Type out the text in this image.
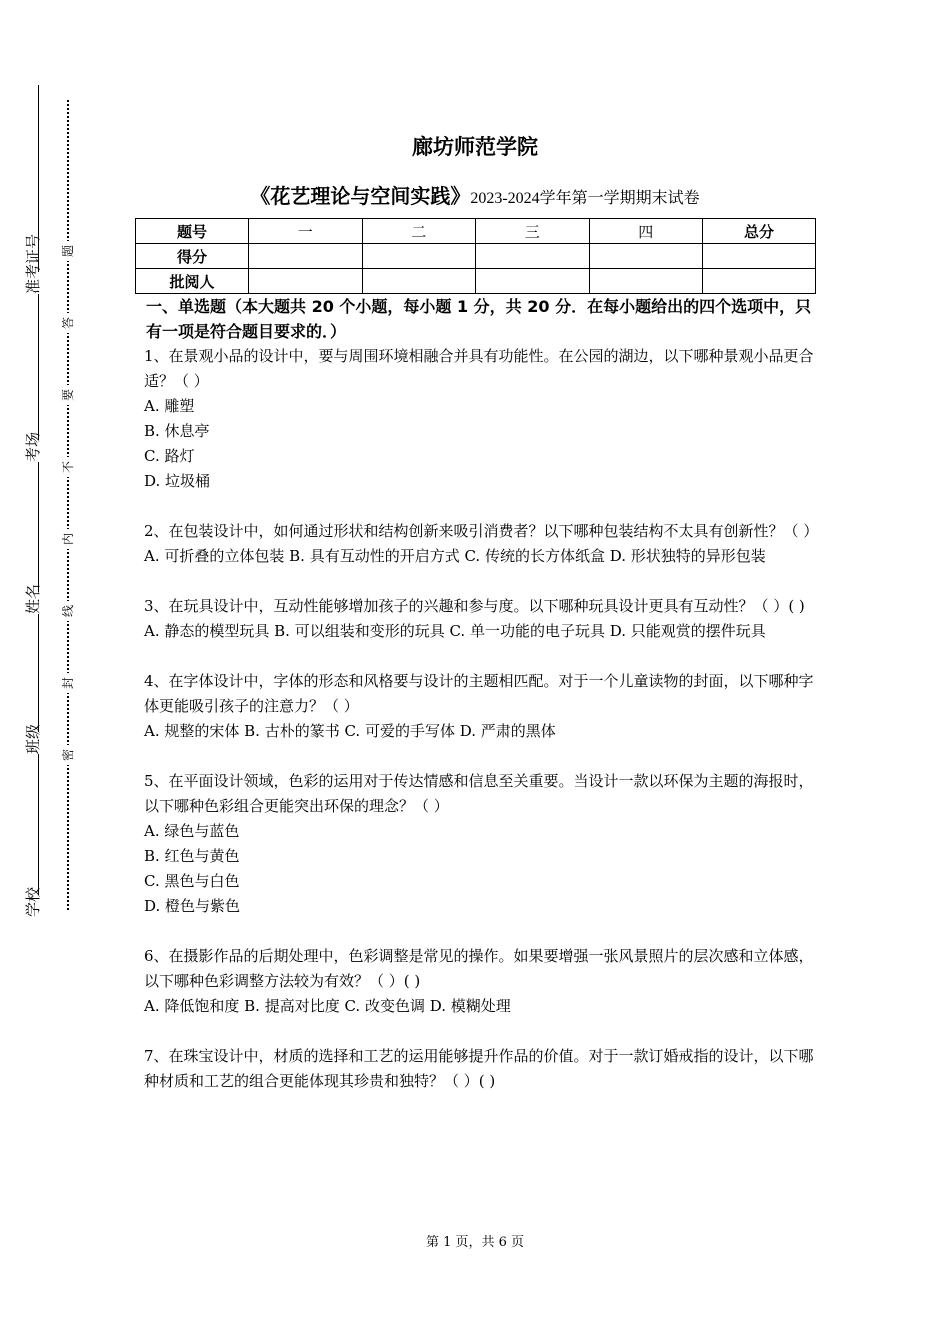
准考证号
考场
姓名
班级
学校
题
答
要
不
内
线
封
密
廊坊师范学院
《花艺理论与空间实践》2023-2024学年第一学期期末试卷
题号	一	二	三	四	总分
得分					
批阅人					
一、单选题（本大题共 20 个小题，每小题 1 分，共 20 分．在每小题给出的四个选项中，只有一项是符合题目要求的．）
1、在景观小品的设计中，要与周围环境相融合并具有功能性。在公园的湖边，以下哪种景观小品更合适？（ ）
A. 雕塑
B. 休息亭
C. 路灯
D. 垃圾桶
2、在包装设计中，如何通过形状和结构创新来吸引消费者？以下哪种包装结构不太具有创新性？（ ）
A. 可折叠的立体包装 B. 具有互动性的开启方式 C. 传统的长方体纸盒 D. 形状独特的异形包装
3、在玩具设计中，互动性能够增加孩子的兴趣和参与度。以下哪种玩具设计更具有互动性？（ ）( )
A. 静态的模型玩具 B. 可以组装和变形的玩具 C. 单一功能的电子玩具 D. 只能观赏的摆件玩具
4、在字体设计中，字体的形态和风格要与设计的主题相匹配。对于一个儿童读物的封面，以下哪种字体更能吸引孩子的注意力？（ ）
A. 规整的宋体 B. 古朴的篆书 C. 可爱的手写体 D. 严肃的黑体
5、在平面设计领域，色彩的运用对于传达情感和信息至关重要。当设计一款以环保为主题的海报时，以下哪种色彩组合更能突出环保的理念？（ ）
A. 绿色与蓝色
B. 红色与黄色
C. 黑色与白色
D. 橙色与紫色
6、在摄影作品的后期处理中，色彩调整是常见的操作。如果要增强一张风景照片的层次感和立体感，以下哪种色彩调整方法较为有效？（ ）( )
A. 降低饱和度 B. 提高对比度 C. 改变色调 D. 模糊处理
7、在珠宝设计中，材质的选择和工艺的运用能够提升作品的价值。对于一款订婚戒指的设计，以下哪种材质和工艺的组合更能体现其珍贵和独特？（ ）( )
第 1 页，共 6 页
